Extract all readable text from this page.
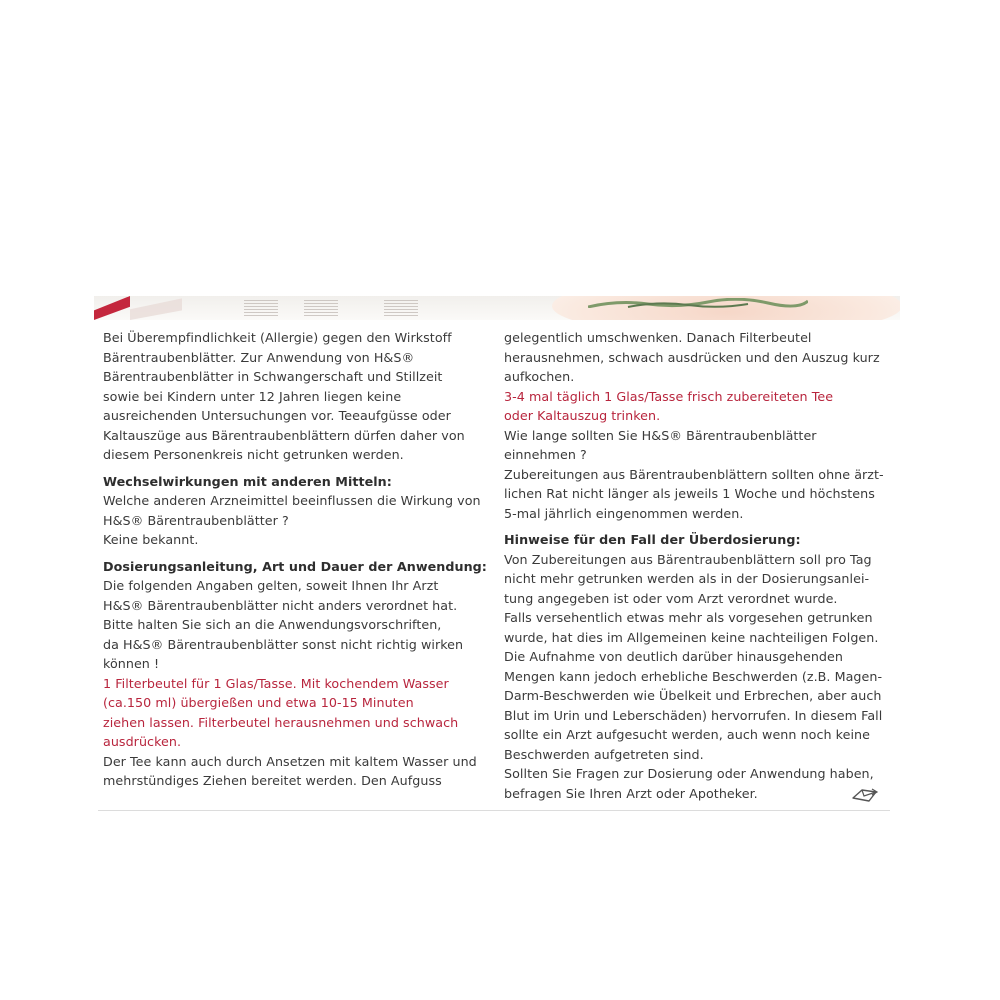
Bei Überempfindlichkeit (Allergie) gegen den Wirkstoff
Bärentraubenblätter. Zur Anwendung von H&S®
Bärentraubenblätter in Schwangerschaft und Stillzeit
sowie bei Kindern unter 12 Jahren liegen keine
ausreichenden Untersuchungen vor. Teeaufgüsse oder
Kaltauszüge aus Bärentraubenblättern dürfen daher von
diesem Personenkreis nicht getrunken werden.

Wechselwirkungen mit anderen Mitteln:

Welche anderen Arzneimittel beeinflussen die Wirkung von
H&S® Bärentraubenblätter ?
Keine bekannt.

Dosierungsanleitung, Art und Dauer der Anwendung:

Die folgenden Angaben gelten, soweit Ihnen Ihr Arzt
H&S® Bärentraubenblätter nicht anders verordnet hat.
Bitte halten Sie sich an die Anwendungsvorschriften,
da H&S® Bärentraubenblätter sonst nicht richtig wirken
können !

1 Filterbeutel für 1 Glas/Tasse. Mit kochendem Wasser
(ca.150 ml) übergießen und etwa 10-15 Minuten
ziehen lassen. Filterbeutel herausnehmen und schwach
ausdrücken.

Der Tee kann auch durch Ansetzen mit kaltem Wasser und
mehrstündiges Ziehen bereitet werden. Den Aufguss

gelegentlich umschwenken. Danach Filterbeutel
herausnehmen, schwach ausdrücken und den Auszug kurz
aufkochen.

3-4 mal täglich 1 Glas/Tasse frisch zubereiteten Tee
oder Kaltauszug trinken.

Wie lange sollten Sie H&S® Bärentraubenblätter
einnehmen ?

Zubereitungen aus Bärentraubenblättern sollten ohne ärzt-
lichen Rat nicht länger als jeweils 1 Woche und höchstens
5-mal jährlich eingenommen werden.

Hinweise für den Fall der Überdosierung:

Von Zubereitungen aus Bärentraubenblättern soll pro Tag
nicht mehr getrunken werden als in der Dosierungsanlei-
tung angegeben ist oder vom Arzt verordnet wurde.
Falls versehentlich etwas mehr als vorgesehen getrunken
wurde, hat dies im Allgemeinen keine nachteiligen Folgen.
Die Aufnahme von deutlich darüber hinausgehenden
Mengen kann jedoch erhebliche Beschwerden (z.B. Magen-
Darm-Beschwerden wie Übelkeit und Erbrechen, aber auch
Blut im Urin und Leberschäden) hervorrufen. In diesem Fall
sollte ein Arzt aufgesucht werden, auch wenn noch keine
Beschwerden aufgetreten sind.
Sollten Sie Fragen zur Dosierung oder Anwendung haben,
befragen Sie Ihren Arzt oder Apotheker.
